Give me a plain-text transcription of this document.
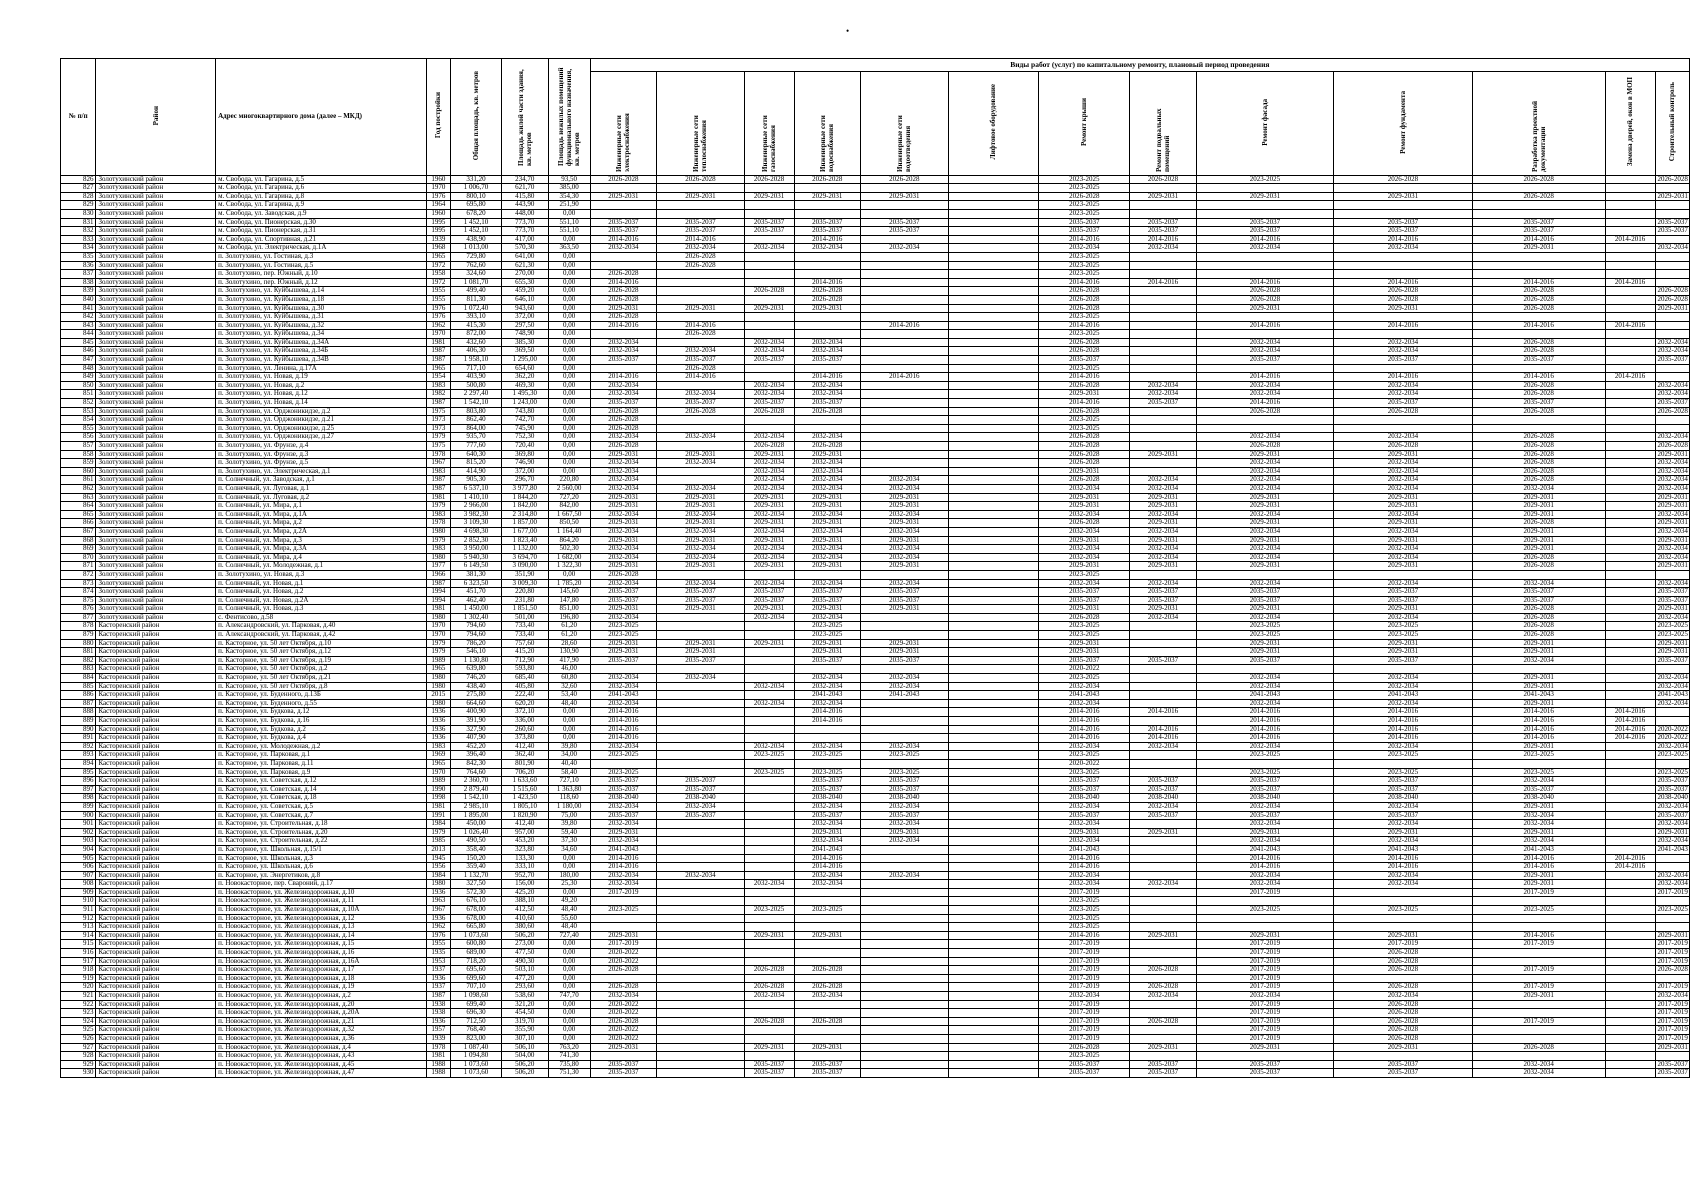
•
№ п/п	Район	Адрес многоквартирного дома (далее – МКД)	Год постройки	Общая площадь, кв. метров	Площадь жилой части здания, кв. метров	Площадь нежилых помещений функционального назначения, кв. метров	Виды работ (услуг) по капитальному ремонту, плановый период проведения												
							Инженерные сети электроснабжения	Инженерные сети теплоснабжения	Инженерные сети газоснабжения	Инженерные сети водоснабжения	Инженерные сети водоотведения	Лифтовое оборудование	Ремонт крыши	Ремонт подвальных помещений	Ремонт фасада	Ремонт фундамента	Разработка проектной документации	Замена дверей, окон в МОП	Строительный контроль
826	Золотухинский район	м. Свобода, ул. Гагарина, д.5	1960	331,20	234,70	93,50	2026-2028	2026-2028	2026-2028	2026-2028	2026-2028		2023-2025	2026-2028	2023-2025	2026-2028	2026-2028		2026-2028
827	Золотухинский район	м. Свобода, ул. Гагарина, д.6	1970	1 006,70	621,70	385,00							2023-2025						
828	Золотухинский район	м. Свобода, ул. Гагарина, д.8	1976	800,10	415,80	354,30	2029-2031	2029-2031	2029-2031	2029-2031	2029-2031		2026-2028	2029-2031	2029-2031	2029-2031	2026-2028		2029-2031
829	Золотухинский район	м. Свобода, ул. Гагарина, д.9	1964	695,80	443,90	251,90							2023-2025						
830	Золотухинский район	м. Свобода, ул. Заводская, д.9	1960	678,20	448,00	0,00							2023-2025						
831	Золотухинский район	м. Свобода, ул. Пионерская, д.30	1995	1 452,10	773,70	551,10	2035-2037	2035-2037	2035-2037	2035-2037	2035-2037		2035-2037	2035-2037	2035-2037	2035-2037	2035-2037		2035-2037
832	Золотухинский район	м. Свобода, ул. Пионерская, д.31	1995	1 452,10	773,70	551,10	2035-2037	2035-2037	2035-2037	2035-2037	2035-2037		2035-2037	2035-2037	2035-2037	2035-2037	2035-2037		2035-2037
833	Золотухинский район	м. Свобода, ул. Спортивная, д.21	1939	438,90	417,00	0,00	2014-2016	2014-2016		2014-2016			2014-2016	2014-2016	2014-2016	2014-2016	2014-2016	2014-2016	
834	Золотухинский район	м. Свобода, ул. Электрическая, д.1А	1968	1 013,00	570,30	363,50	2032-2034	2032-2034	2032-2034	2032-2034	2032-2034		2032-2034	2032-2034	2032-2034	2032-2034	2029-2031		2032-2034
835	Золотухинский район	п. Золотухино, ул. Гостиная, д.3	1965	729,80	641,00	0,00		2026-2028					2023-2025						
836	Золотухинский район	п. Золотухино, ул. Гостиная, д.5	1972	762,60	621,30	0,00		2026-2028					2023-2025						
837	Золотухинский район	п. Золотухино, пер. Южный, д.10	1958	324,60	270,00	0,00	2026-2028						2023-2025						
838	Золотухинский район	п. Золотухино, пер. Южный, д.12	1972	1 081,70	655,30	0,00	2014-2016			2014-2016			2014-2016	2014-2016	2014-2016	2014-2016	2014-2016	2014-2016	
839	Золотухинский район	п. Золотухино, ул. Куйбышева, д.14	1955	499,40	459,20	0,00	2026-2028		2026-2028	2026-2028			2026-2028		2026-2028	2026-2028	2026-2028		2026-2028
840	Золотухинский район	п. Золотухино, ул. Куйбышева, д.18	1955	811,30	646,10	0,00	2026-2028			2026-2028			2026-2028		2026-2028	2026-2028	2026-2028		2026-2028
841	Золотухинский район	п. Золотухино, ул. Куйбышева, д.30	1976	1 072,40	943,60	0,00	2029-2031	2029-2031	2029-2031	2029-2031			2026-2028		2029-2031	2029-2031	2026-2028		2029-2031
842	Золотухинский район	п. Золотухино, ул. Куйбышева, д.31	1976	393,10	372,00	0,00	2026-2028						2023-2025						
843	Золотухинский район	п. Золотухино, ул. Куйбышева, д.32	1962	415,30	297,50	0,00	2014-2016	2014-2016			2014-2016		2014-2016		2014-2016	2014-2016	2014-2016	2014-2016	
844	Золотухинский район	п. Золотухино, ул. Куйбышева, д.34	1970	872,00	748,90	0,00		2026-2028					2023-2025						
845	Золотухинский район	п. Золотухино, ул. Куйбышева, д.34А	1981	432,60	385,30	0,00	2032-2034		2032-2034	2032-2034			2026-2028		2032-2034	2032-2034	2026-2028		2032-2034
846	Золотухинский район	п. Золотухино, ул. Куйбышева, д.34Б	1987	406,30	369,50	0,00	2032-2034	2032-2034	2032-2034	2032-2034			2026-2028		2032-2034	2032-2034	2026-2028		2032-2034
847	Золотухинский район	п. Золотухино, ул. Куйбышева, д.34В	1987	1 958,10	1 295,00	0,00	2035-2037	2035-2037	2035-2037	2035-2037			2035-2037		2035-2037	2035-2037	2035-2037		2035-2037
848	Золотухинский район	п. Золотухино, ул. Ленина, д.17А	1965	717,10	654,60	0,00		2026-2028					2023-2025						
849	Золотухинский район	п. Золотухино, ул. Новая, д.19	1954	403,90	362,20	0,00	2014-2016	2014-2016		2014-2016	2014-2016		2014-2016		2014-2016	2014-2016	2014-2016	2014-2016	
850	Золотухинский район	п. Золотухино, ул. Новая, д.2	1983	500,80	469,30	0,00	2032-2034		2032-2034	2032-2034			2026-2028	2032-2034	2032-2034	2032-2034	2026-2028		2032-2034
851	Золотухинский район	п. Золотухино, ул. Новая, д.12	1982	2 297,40	1 495,30	0,00	2032-2034	2032-2034	2032-2034	2032-2034			2029-2031	2032-2034	2032-2034	2032-2034	2026-2028		2032-2034
852	Золотухинский район	п. Золотухино, ул. Новая, д.14	1987	1 542,10	1 243,00	0,00	2035-2037	2035-2037	2035-2037	2035-2037			2014-2016	2035-2037	2014-2016	2035-2037	2035-2037		2035-2037
853	Золотухинский район	п. Золотухино, ул. Орджоникидзе, д.2	1975	803,80	743,80	0,00	2026-2028	2026-2028	2026-2028	2026-2028			2026-2028		2026-2028	2026-2028	2026-2028		2026-2028
854	Золотухинский район	п. Золотухино, ул. Орджоникидзе, д.21	1973	862,40	742,70	0,00	2026-2028						2023-2025						
855	Золотухинский район	п. Золотухино, ул. Орджоникидзе, д.25	1973	864,00	745,90	0,00	2026-2028						2023-2025						
856	Золотухинский район	п. Золотухино, ул. Орджоникидзе, д.27	1979	935,70	752,30	0,00	2032-2034	2032-2034	2032-2034	2032-2034			2026-2028		2032-2034	2032-2034	2026-2028		2032-2034
857	Золотухинский район	п. Золотухино, ул. Фрунзе, д.4	1975	777,60	720,40	0,00	2026-2028		2026-2028	2026-2028			2026-2028		2026-2028	2026-2028	2026-2028		2026-2028
858	Золотухинский район	п. Золотухино, ул. Фрунзе, д.3	1978	640,30	369,80	0,00	2029-2031	2029-2031	2029-2031	2029-2031			2026-2028	2029-2031	2029-2031	2029-2031	2026-2028		2029-2031
859	Золотухинский район	п. Золотухино, ул. Фрунзе, д.5	1967	815,20	746,90	0,00	2032-2034	2032-2034	2032-2034	2032-2034			2026-2028		2032-2034	2032-2034	2026-2028		2032-2034
860	Золотухинский район	п. Золотухино, ул. Электрическая, д.1	1983	414,90	372,00	0,00	2032-2034		2032-2034	2032-2034			2029-2031		2032-2034	2032-2034	2026-2028		2032-2034
861	Золотухинский район	п. Солнечный, ул. Заводская, д.1	1987	905,30	296,70	220,80	2032-2034		2032-2034	2032-2034	2032-2034		2026-2028	2032-2034	2032-2034	2032-2034	2026-2028		2032-2034
862	Золотухинский район	п. Солнечный, ул. Луговая, д.1	1987	6 537,10	3 977,80	2 560,00	2032-2034	2032-2034	2032-2034	2032-2034	2032-2034		2032-2034	2032-2034	2032-2034	2032-2034	2032-2034		2032-2034
863	Золотухинский район	п. Солнечный, ул. Луговая, д.2	1981	1 410,10	1 844,20	727,20	2029-2031	2029-2031	2029-2031	2029-2031	2029-2031		2029-2031	2029-2031	2029-2031	2029-2031	2029-2031		2029-2031
864	Золотухинский район	п. Солнечный, ул. Мира, д.1	1979	2 966,00	1 842,00	842,00	2029-2031	2029-2031	2029-2031	2029-2031	2029-2031		2029-2031	2029-2031	2029-2031	2029-2031	2029-2031		2029-2031
865	Золотухинский район	п. Солнечный, ул. Мира, д.1А	1983	3 982,30	2 314,80	1 667,50	2032-2034	2032-2034	2032-2034	2032-2034	2032-2034		2032-2034	2032-2034	2032-2034	2032-2034	2029-2031		2032-2034
866	Золотухинский район	п. Солнечный, ул. Мира, д.2	1978	3 109,30	1 857,00	850,50	2029-2031	2029-2031	2029-2031	2029-2031	2029-2031		2026-2028	2029-2031	2029-2031	2029-2031	2026-2028		2029-2031
867	Золотухинский район	п. Солнечный, ул. Мира, д.2А	1980	4 698,30	1 677,00	1 164,40	2032-2034	2032-2034	2032-2034	2032-2034	2032-2034		2032-2034	2032-2034	2032-2034	2032-2034	2029-2031		2032-2034
868	Золотухинский район	п. Солнечный, ул. Мира, д.3	1979	2 852,30	1 823,40	864,20	2029-2031	2029-2031	2029-2031	2029-2031	2029-2031		2029-2031	2029-2031	2029-2031	2029-2031	2029-2031		2029-2031
869	Золотухинский район	п. Солнечный, ул. Мира, д.3А	1983	3 950,00	1 132,00	502,30	2032-2034	2032-2034	2032-2034	2032-2034	2032-2034		2032-2034	2032-2034	2032-2034	2032-2034	2029-2031		2032-2034
870	Золотухинский район	п. Солнечный, ул. Мира, д.4	1980	5 940,30	3 694,70	1 682,00	2032-2034	2032-2034	2032-2034	2032-2034	2032-2034		2032-2034	2032-2034	2032-2034	2032-2034	2026-2028		2032-2034
871	Золотухинский район	п. Солнечный, ул. Молодежная, д.1	1977	6 149,50	3 090,00	1 322,30	2029-2031	2029-2031	2029-2031	2029-2031	2029-2031		2029-2031	2029-2031	2029-2031	2029-2031	2026-2028		2029-2031
872	Золотухинский район	п. Золотухино, ул. Новая, д.3	1966	381,30	351,90	0,00	2026-2028						2023-2025						
873	Золотухинский район	п. Солнечный, ул. Новая, д.1	1987	6 323,50	3 009,30	1 785,20	2032-2034	2032-2034	2032-2034	2032-2034	2032-2034		2032-2034	2032-2034	2032-2034	2032-2034	2032-2034		2032-2034
874	Золотухинский район	п. Солнечный, ул. Новая, д.2	1994	451,70	220,80	145,60	2035-2037	2035-2037	2035-2037	2035-2037	2035-2037		2035-2037	2035-2037	2035-2037	2035-2037	2035-2037		2035-2037
875	Золотухинский район	п. Солнечный, ул. Новая, д.2А	1994	462,40	231,80	147,80	2035-2037	2035-2037	2035-2037	2035-2037	2035-2037		2035-2037	2035-2037	2035-2037	2035-2037	2035-2037		2035-2037
876	Золотухинский район	п. Солнечный, ул. Новая, д.3	1981	1 450,00	1 851,50	851,00	2029-2031	2029-2031	2029-2031	2029-2031	2029-2031		2029-2031	2029-2031	2029-2031	2029-2031	2026-2028		2029-2031
877	Золотухинский район	с. Фентисово, д.58	1980	1 302,40	501,00	196,80	2032-2034		2032-2034	2032-2034			2026-2028	2032-2034	2032-2034	2032-2034	2026-2028		2032-2034
878	Касторенский район	п. Александровский, ул. Парковая, д.40	1970	794,60	733,40	61,20	2023-2025			2023-2025			2023-2025		2023-2025	2023-2025	2026-2028		2023-2025
879	Касторенский район	п. Александровский, ул. Парковая, д.42	1970	794,60	733,40	61,20	2023-2025			2023-2025			2023-2025		2023-2025	2023-2025	2026-2028		2023-2025
880	Касторенский район	п. Касторное, ул. 50 лет Октября, д.10	1979	786,20	757,60	28,60	2029-2031	2029-2031	2029-2031	2029-2031	2029-2031		2029-2031		2029-2031	2029-2031	2029-2031		2029-2031
881	Касторенский район	п. Касторное, ул. 50 лет Октября, д.12	1979	546,10	415,20	130,90	2029-2031	2029-2031		2029-2031	2029-2031		2029-2031		2029-2031	2029-2031	2029-2031		2029-2031
882	Касторенский район	п. Касторное, ул. 50 лет Октября, д.19	1989	1 130,80	712,90	417,90	2035-2037	2035-2037		2035-2037	2035-2037		2035-2037	2035-2037	2035-2037	2035-2037	2032-2034		2035-2037
883	Касторенский район	п. Касторное, ул. 50 лет Октября, д.2	1965	639,80	593,80	46,00							2020-2022						
884	Касторенский район	п. Касторное, ул. 50 лет Октября, д.21	1980	746,20	685,40	60,80	2032-2034	2032-2034		2032-2034	2032-2034		2023-2025		2032-2034	2032-2034	2029-2031		2032-2034
885	Касторенский район	п. Касторное, ул. 50 лет Октября, д.8	1980	438,40	405,80	32,60	2032-2034		2032-2034	2032-2034	2032-2034		2032-2034		2032-2034	2032-2034	2029-2031		2032-2034
886	Касторенский район	п. Касторное, ул. Буденного, д.13Б	2015	275,80	222,40	53,40	2041-2043			2041-2043	2041-2043		2041-2043		2041-2043	2041-2043	2041-2043		2041-2043
887	Касторенский район	п. Касторное, ул. Буденного, д.55	1980	664,60	620,20	48,40	2032-2034		2032-2034	2032-2034			2032-2034		2032-2034	2032-2034	2029-2031		2032-2034
888	Касторенский район	п. Касторное, ул. Будкова, д.12	1936	400,90	372,10	0,00	2014-2016			2014-2016			2014-2016	2014-2016	2014-2016	2014-2016	2014-2016	2014-2016	
889	Касторенский район	п. Касторное, ул. Будкова, д.16	1936	391,90	336,00	0,00	2014-2016			2014-2016			2014-2016		2014-2016	2014-2016	2014-2016	2014-2016	
890	Касторенский район	п. Касторное, ул. Будкова, д.2	1936	327,90	260,60	0,00	2014-2016						2014-2016	2014-2016	2014-2016	2014-2016	2014-2016	2014-2016	2020-2022
891	Касторенский район	п. Касторное, ул. Будкова, д.4	1936	407,90	373,80	0,00	2014-2016						2014-2016	2014-2016	2014-2016	2014-2016	2014-2016	2014-2016	2020-2022
892	Касторенский район	п. Касторное, ул. Молодежная, д.2	1983	452,20	412,40	39,80	2032-2034		2032-2034	2032-2034	2032-2034		2032-2034	2032-2034	2032-2034	2032-2034	2029-2031		2032-2034
893	Касторенский район	п. Касторное, ул. Парковая, д.1	1969	396,40	362,40	34,00	2023-2025		2023-2025	2023-2025	2023-2025		2023-2025		2023-2025	2023-2025	2023-2025		2023-2025
894	Касторенский район	п. Касторное, ул. Парковая, д.11	1965	842,30	801,90	40,40							2020-2022						
895	Касторенский район	п. Касторное, ул. Парковая, д.9	1970	764,60	706,20	58,40	2023-2025		2023-2025	2023-2025	2023-2025		2023-2025		2023-2025	2023-2025	2023-2025		2023-2025
896	Касторенский район	п. Касторное, ул. Советская, д.12	1989	2 360,70	1 633,60	727,10	2035-2037	2035-2037		2035-2037	2035-2037		2035-2037	2035-2037	2035-2037	2035-2037	2032-2034		2035-2037
897	Касторенский район	п. Касторное, ул. Советская, д.14	1990	2 879,40	1 515,60	1 363,80	2035-2037	2035-2037		2035-2037	2035-2037		2035-2037	2035-2037	2035-2037	2035-2037	2035-2037		2035-2037
898	Касторенский район	п. Касторное, ул. Советская, д.18	1998	1 542,10	1 423,50	118,60	2038-2040	2038-2040		2038-2040	2038-2040		2038-2040	2038-2040	2038-2040	2038-2040	2038-2040		2038-2040
899	Касторенский район	п. Касторное, ул. Советская, д.5	1981	2 985,10	1 805,10	1 180,00	2032-2034	2032-2034		2032-2034	2032-2034		2032-2034	2032-2034	2032-2034	2032-2034	2029-2031		2032-2034
900	Касторенский район	п. Касторное, ул. Советская, д.7	1991	1 895,00	1 820,90	75,00	2035-2037	2035-2037		2035-2037	2035-2037		2035-2037	2035-2037	2035-2037	2035-2037	2032-2034		2035-2037
901	Касторенский район	п. Касторное, ул. Строительная, д.18	1984	450,00	412,40	39,80	2032-2034			2032-2034	2032-2034		2032-2034		2032-2034	2032-2034	2032-2034		2032-2034
902	Касторенский район	п. Касторное, ул. Строительная, д.20	1979	1 026,40	957,00	59,40	2029-2031			2029-2031	2029-2031		2029-2031	2029-2031	2029-2031	2029-2031	2029-2031		2029-2031
903	Касторенский район	п. Касторное, ул. Строительная, д.22	1985	490,50	453,20	37,30	2032-2034			2032-2034	2032-2034		2032-2034		2032-2034	2032-2034	2032-2034		2032-2034
904	Касторенский район	п. Касторное, ул. Школьная, д.15/1	2013	358,40	323,80	34,60	2041-2043			2041-2043			2041-2043		2041-2043	2041-2043	2041-2043		2041-2043
905	Касторенский район	п. Касторное, ул. Школьная, д.3	1945	150,20	133,30	0,00	2014-2016			2014-2016			2014-2016		2014-2016	2014-2016	2014-2016	2014-2016	
906	Касторенский район	п. Касторное, ул. Школьная, д.6	1956	359,40	333,10	0,00	2014-2016			2014-2016			2014-2016		2014-2016	2014-2016	2014-2016	2014-2016	
907	Касторенский район	п. Касторное, ул. Энергетиков, д.8	1984	1 132,70	952,70	180,00	2032-2034	2032-2034		2032-2034	2032-2034		2032-2034		2032-2034	2032-2034	2029-2031		2032-2034
908	Касторенский район	п. Новокасторное, пер. Свароний, д.17	1980	327,50	156,00	25,30	2032-2034		2032-2034	2032-2034			2032-2034	2032-2034	2032-2034	2032-2034	2029-2031		2032-2034
909	Касторенский район	п. Новокасторное, ул. Железнодорожная, д.10	1936	572,30	425,20	0,00	2017-2019						2017-2019		2017-2019		2017-2019		2017-2019
910	Касторенский район	п. Новокасторное, ул. Железнодорожная, д.11	1963	676,10	388,10	49,20							2023-2025						
911	Касторенский район	п. Новокасторное, ул. Железнодорожная, д.10А	1967	678,00	412,50	48,40	2023-2025		2023-2025	2023-2025			2023-2025		2023-2025	2023-2025	2023-2025		2023-2025
912	Касторенский район	п. Новокасторное, ул. Железнодорожная, д.12	1936	678,00	410,60	55,60							2023-2025						
913	Касторенский район	п. Новокасторное, ул. Железнодорожная, д.13	1962	665,80	380,60	48,40							2023-2025						
914	Касторенский район	п. Новокасторное, ул. Железнодорожная, д.14	1976	1 073,60	506,20	727,40	2029-2031		2029-2031	2029-2031			2014-2016	2029-2031	2029-2031	2029-2031	2014-2016		2029-2031
915	Касторенский район	п. Новокасторное, ул. Железнодорожная, д.15	1955	600,80	273,00	0,00	2017-2019						2017-2019		2017-2019	2017-2019	2017-2019		2017-2019
916	Касторенский район	п. Новокасторное, ул. Железнодорожная, д.16	1935	689,00	477,50	0,00	2020-2022						2017-2019		2017-2019	2026-2028			2017-2019
917	Касторенский район	п. Новокасторное, ул. Железнодорожная, д.16А	1953	718,20	490,30	0,00	2020-2022						2017-2019		2017-2019	2026-2028			2017-2019
918	Касторенский район	п. Новокасторное, ул. Железнодорожная, д.17	1937	695,60	503,10	0,00	2026-2028		2026-2028	2026-2028			2017-2019	2026-2028	2017-2019	2026-2028	2017-2019		2026-2028
919	Касторенский район	п. Новокасторное, ул. Железнодорожная, д.18	1936	699,60	477,20	0,00							2017-2019		2017-2019				
920	Касторенский район	п. Новокасторное, ул. Железнодорожная, д.19	1937	707,10	293,60	0,00	2026-2028		2026-2028	2026-2028			2017-2019	2026-2028	2017-2019	2026-2028	2017-2019		2017-2019
921	Касторенский район	п. Новокасторное, ул. Железнодорожная, д.2	1987	1 098,60	538,60	747,70	2032-2034		2032-2034	2032-2034			2032-2034	2032-2034	2032-2034	2032-2034	2029-2031		2032-2034
922	Касторенский район	п. Новокасторное, ул. Железнодорожная, д.20	1938	699,40	321,20	0,00	2020-2022						2017-2019		2017-2019	2026-2028			2017-2019
923	Касторенский район	п. Новокасторное, ул. Железнодорожная, д.20А	1938	696,30	454,50	0,00	2020-2022						2017-2019		2017-2019	2026-2028			2017-2019
924	Касторенский район	п. Новокасторное, ул. Железнодорожная, д.21	1936	712,50	319,70	0,00	2026-2028		2026-2028	2026-2028			2017-2019	2026-2028	2017-2019	2026-2028	2017-2019		2017-2019
925	Касторенский район	п. Новокасторное, ул. Железнодорожная, д.32	1957	768,40	355,90	0,00	2020-2022						2017-2019		2017-2019	2026-2028			2017-2019
926	Касторенский район	п. Новокасторное, ул. Железнодорожная, д.36	1939	823,00	307,10	0,00	2020-2022						2017-2019		2017-2019	2026-2028			2017-2019
927	Касторенский район	п. Новокасторное, ул. Железнодорожная, д.4	1978	1 087,40	506,10	763,20	2029-2031		2029-2031	2029-2031			2026-2028	2029-2031	2029-2031	2029-2031	2026-2028		2029-2031
928	Касторенский район	п. Новокасторное, ул. Железнодорожная, д.43	1981	1 094,80	504,00	741,30							2023-2025						
929	Касторенский район	п. Новокасторное, ул. Железнодорожная, д.45	1988	1 073,60	506,20	735,80	2035-2037		2035-2037	2035-2037			2035-2037	2035-2037	2035-2037	2035-2037	2032-2034		2035-2037
930	Касторенский район	п. Новокасторное, ул. Железнодорожная, д.47	1988	1 073,60	506,20	751,30	2035-2037		2035-2037	2035-2037			2035-2037	2035-2037	2035-2037	2035-2037	2032-2034		2035-2037
